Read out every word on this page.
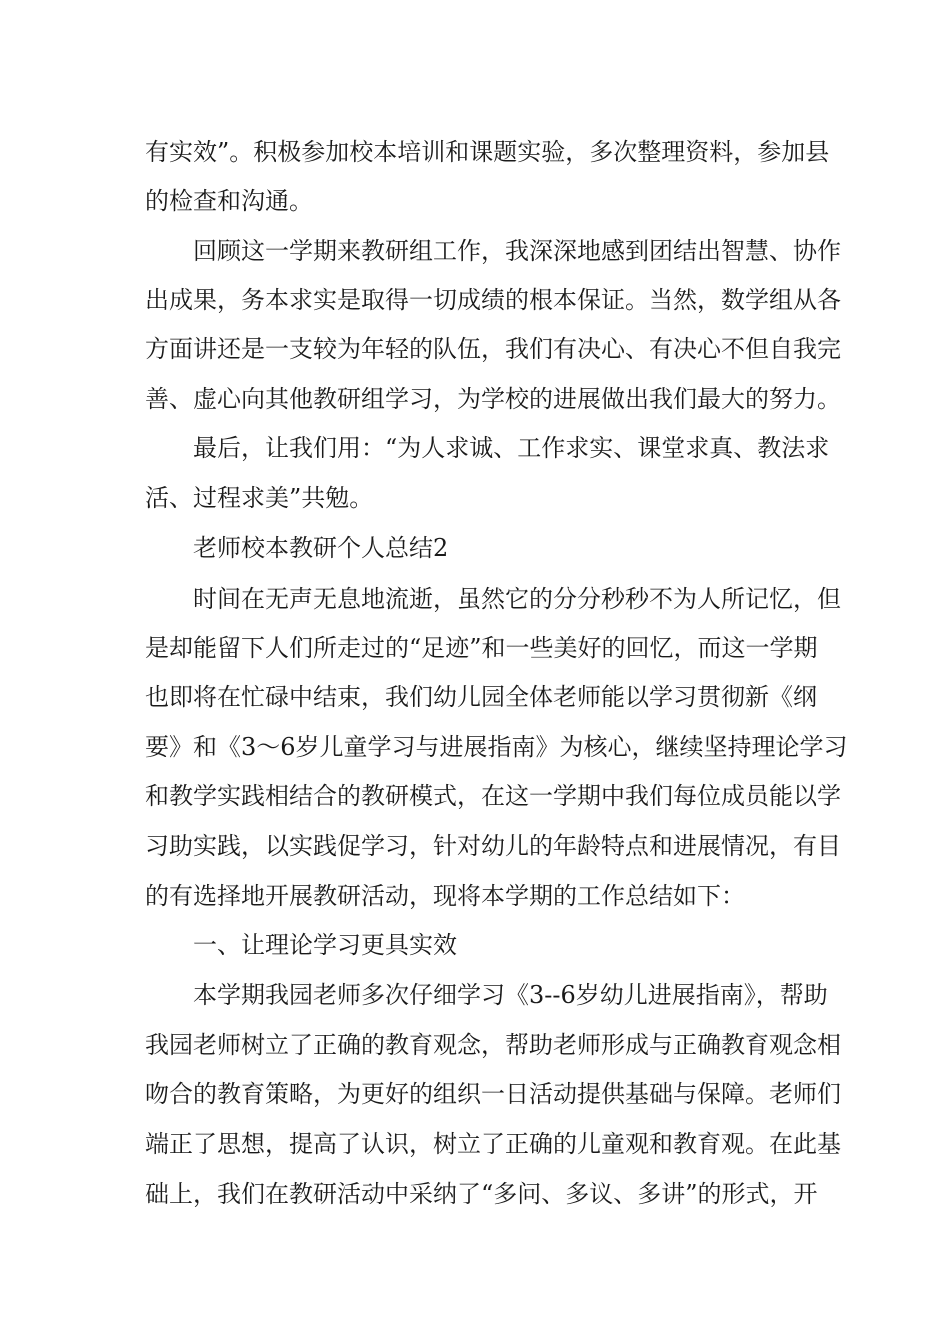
有实效”。积极参加校本培训和课题实验，多次整理资料，参加县
的检查和沟通。
回顾这一学期来教研组工作，我深深地感到团结出智慧、协作
出成果，务本求实是取得一切成绩的根本保证。当然，数学组从各
方面讲还是一支较为年轻的队伍，我们有决心、有决心不但自我完
善、虚心向其他教研组学习，为学校的进展做出我们最大的努力。
最后，让我们用：“为人求诚、工作求实、课堂求真、教法求
活、过程求美”共勉。
老师校本教研个人总结2
时间在无声无息地流逝，虽然它的分分秒秒不为人所记忆，但
是却能留下人们所走过的“足迹”和一些美好的回忆，而这一学期
也即将在忙碌中结束，我们幼儿园全体老师能以学习贯彻新《纲
要》和《3～6岁儿童学习与进展指南》为核心，继续坚持理论学习
和教学实践相结合的教研模式，在这一学期中我们每位成员能以学
习助实践，以实践促学习，针对幼儿的年龄特点和进展情况，有目
的有选择地开展教研活动，现将本学期的工作总结如下：
一、让理论学习更具实效
本学期我园老师多次仔细学习《3--6岁幼儿进展指南》，帮助
我园老师树立了正确的教育观念，帮助老师形成与正确教育观念相
吻合的教育策略，为更好的组织一日活动提供基础与保障。老师们
端正了思想，提高了认识，树立了正确的儿童观和教育观。在此基
础上，我们在教研活动中采纳了“多问、多议、多讲”的形式，开
